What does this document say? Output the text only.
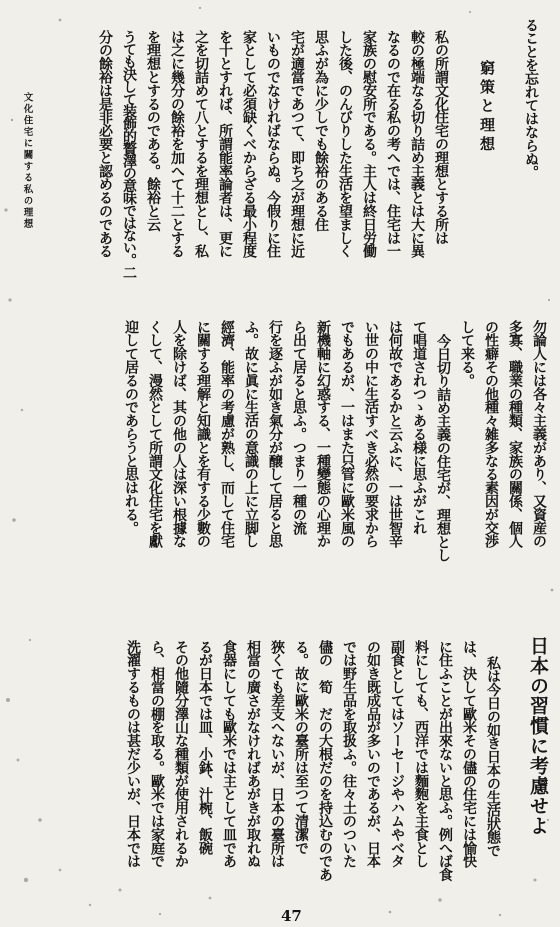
文化住宅に關する私の理想	ることを忘れてはならぬ。
窮策と理想
私の所謂文化住宅の理想とする所は
較の極端なる切り詰め主義とは大に異
なるので在る私の考へでは、住宅は一
家族の慰安所である。主人は終日労働
した後、のんびりした生活を望ましく
思ふが為に少しでも餘裕のある住
宅が適當であつて、即ち之が理想に近
いものでなければならぬ。今假りに住
家として必須缺くべからざる最小程度
を十とすれば、所謂能率論者は、更に
之を切詰めて八とするを理想とし、私
は之に幾分の餘裕を加へて十二とする
を理想とするのである。餘裕と云
うても決して装飾的贅澤の意味ではない。二
分の餘裕は是非必要と認めるのである
勿論人には各々主義があり、又資産の
多寡、職業の種類、家族の關係、個人
の性癖その他種々雑多なる素因が交渉
して来る。
今日切り詰め主義の住宅が、理想とし
て唱道されつゝある様に思ふがこれ
は何故であるかと云ふに、一は世智辛
い世の中に生活すべき必然の要求から
でもあるが、一はまた只管に歐米風の
新機軸に幻惑する、一種變態の心理か
ら出て居ると思ふ。つまり一種の流
行を逐ふが如き氣分が醸して居ると思
ふ。故に眞に生活の意識の上に立脚し
經濟、能率の考慮が熟し、而して住宅
に關する理解と知識とを有する少數の
人を除けば、其の他の人は深い根據な
くして、漫然として所謂文化住宅を獻
迎して居るのであらうと思はれる。
日本の習慣に考慮せよ
私は今日の如き日本の生活狀態で
は、決して歐米その儘の住宅には愉快
に住ふことが出來ないと思ふ。例へば食
料にしても、西洋では麵麭を主食とし
副食としてはソーセージやハムやベタ
の如き既成品が多いのであるが、日本
では野生品を取扱ふ。往々土のついた
儘の　筍　だの大根だのを持込むのであ
る。故に歐米の臺所は至つて清潔で
狹くても差支へないが、日本の臺所は
相當の廣さがなければあがきが取れぬ
食器にしても歐米では主として皿であ
るが日本では皿、小鉢、汁椀、飯碗
その他隨分澤山な種類が使用されるか
ら、相當の棚を取る。歐米では家庭で
洗濯するものは甚だ少いが、日本では
47
